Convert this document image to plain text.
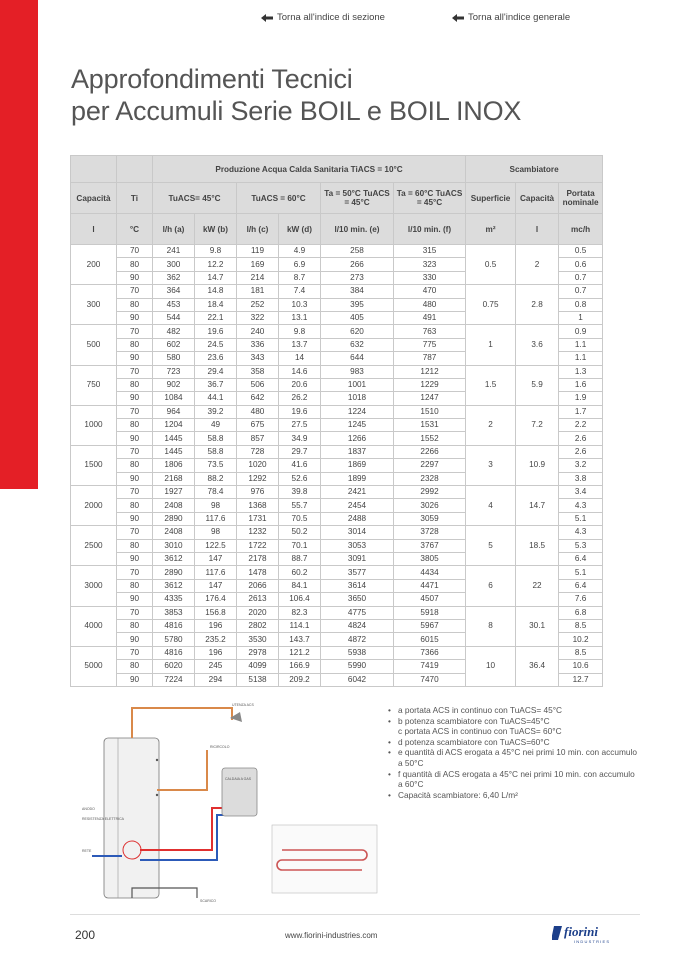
Torna all'indice di sezione	Torna all'indice generale
Approfondimenti Tecnici
per Accumuli Serie BOIL e BOIL INOX
		Produzione Acqua Calda Sanitaria TiACS = 10°C						Scambiatore		
Capacità	Ti	TuACS= 45°C		TuACS = 60°C		Ta = 50°C TuACS = 45°C	Ta = 60°C TuACS = 45°C	Superficie	Capacità	Portata nominale
l	°C	l/h (a)	kW (b)	l/h (c)	kW (d)	l/10 min. (e)	l/10 min. (f)	m²	l	mc/h
200	70	241	9.8	119	4.9	258	315	0.5	2	0.5
	80	300	12.2	169	6.9	266	323			0.6
	90	362	14.7	214	8.7	273	330			0.7
300	70	364	14.8	181	7.4	384	470	0.75	2.8	0.7
	80	453	18.4	252	10.3	395	480			0.8
	90	544	22.1	322	13.1	405	491			1
500	70	482	19.6	240	9.8	620	763	1	3.6	0.9
	80	602	24.5	336	13.7	632	775			1.1
	90	580	23.6	343	14	644	787			1.1
750	70	723	29.4	358	14.6	983	1212	1.5	5.9	1.3
	80	902	36.7	506	20.6	1001	1229			1.6
	90	1084	44.1	642	26.2	1018	1247			1.9
1000	70	964	39.2	480	19.6	1224	1510	2	7.2	1.7
	80	1204	49	675	27.5	1245	1531			2.2
	90	1445	58.8	857	34.9	1266	1552			2.6
1500	70	1445	58.8	728	29.7	1837	2266	3	10.9	2.6
	80	1806	73.5	1020	41.6	1869	2297			3.2
	90	2168	88.2	1292	52.6	1899	2328			3.8
2000	70	1927	78.4	976	39.8	2421	2992	4	14.7	3.4
	80	2408	98	1368	55.7	2454	3026			4.3
	90	2890	117.6	1731	70.5	2488	3059			5.1
2500	70	2408	98	1232	50.2	3014	3728	5	18.5	4.3
	80	3010	122.5	1722	70.1	3053	3767			5.3
	90	3612	147	2178	88.7	3091	3805			6.4
3000	70	2890	117.6	1478	60.2	3577	4434	6	22	5.1
	80	3612	147	2066	84.1	3614	4471			6.4
	90	4335	176.4	2613	106.4	3650	4507			7.6
4000	70	3853	156.8	2020	82.3	4775	5918	8	30.1	6.8
	80	4816	196	2802	114.1	4824	5967			8.5
	90	5780	235.2	3530	143.7	4872	6015			10.2
5000	70	4816	196	2978	121.2	5938	7366	10	36.4	8.5
	80	6020	245	4099	166.9	5990	7419			10.6
	90	7224	294	5138	209.2	6042	7470			12.7
UTENZA ACS
RICIRCOLO
ANODO
RESISTENZA ELETTRICA
RETE
SCARICO
CALDAIA A GAS
• a portata ACS in continuo con TuACS= 45°C
• b potenza scambiatore con TuACS=45°C
c portata ACS in continuo con TuACS= 60°C
• d potenza scambiatore con TuACS=60°C
• e quantità di ACS erogata a 45°C nei primi 10 min. con accumulo a 50°C
• f quantità di ACS erogata a 45°C nei primi 10 min. con accumulo a 60°C
• Capacità scambiatore: 6,40 L/m²
200	www.fiorini-industries.com	fiorini
INDUSTRIES
